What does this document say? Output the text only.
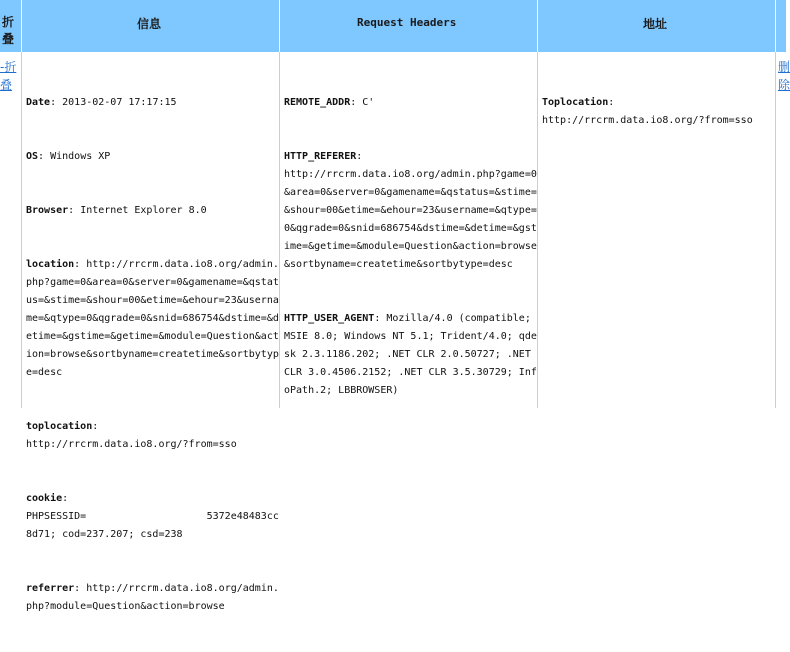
折叠
信息	Request Headers	地址
-折叠

Date: 2013-02-07 17:17:15

OS: Windows XP

Browser: Internet Explorer 8.0

location: http://rrcrm.data.io8.org/admin.php?game=0&area=0&server=0&gamename=&qstatus=&stime=&shour=00&etime=&ehour=23&username=&qtype=0&qgrade=0&snid=686754&dstime=&detime=&gstime=&getime=&module=Question&action=browse&sortbyname=createtime&sortbytype=desc

toplocation:
http://rrcrm.data.io8.org/?from=sso

cookie:
PHPSESSID=                    5372e48483cc8d71; cod=237.207; csd=238

referrer: http://rrcrm.data.io8.org/admin.php?module=Question&action=browse

REMOTE_ADDR: C'

HTTP_REFERER:
http://rrcrm.data.io8.org/admin.php?game=0&area=0&server=0&gamename=&qstatus=&stime=&shour=00&etime=&ehour=23&username=&qtype=0&qgrade=0&snid=686754&dstime=&detime=&gstime=&getime=&module=Question&action=browse&sortbyname=createtime&sortbytype=desc

HTTP_USER_AGENT: Mozilla/4.0 (compatible; MSIE 8.0; Windows NT 5.1; Trident/4.0; qdesk 2.3.1186.202; .NET CLR 2.0.50727; .NET CLR 3.0.4506.2152; .NET CLR 3.5.30729; InfoPath.2; LBBROWSER)

Toplocation:
http://rrcrm.data.io8.org/?from=sso

删除
